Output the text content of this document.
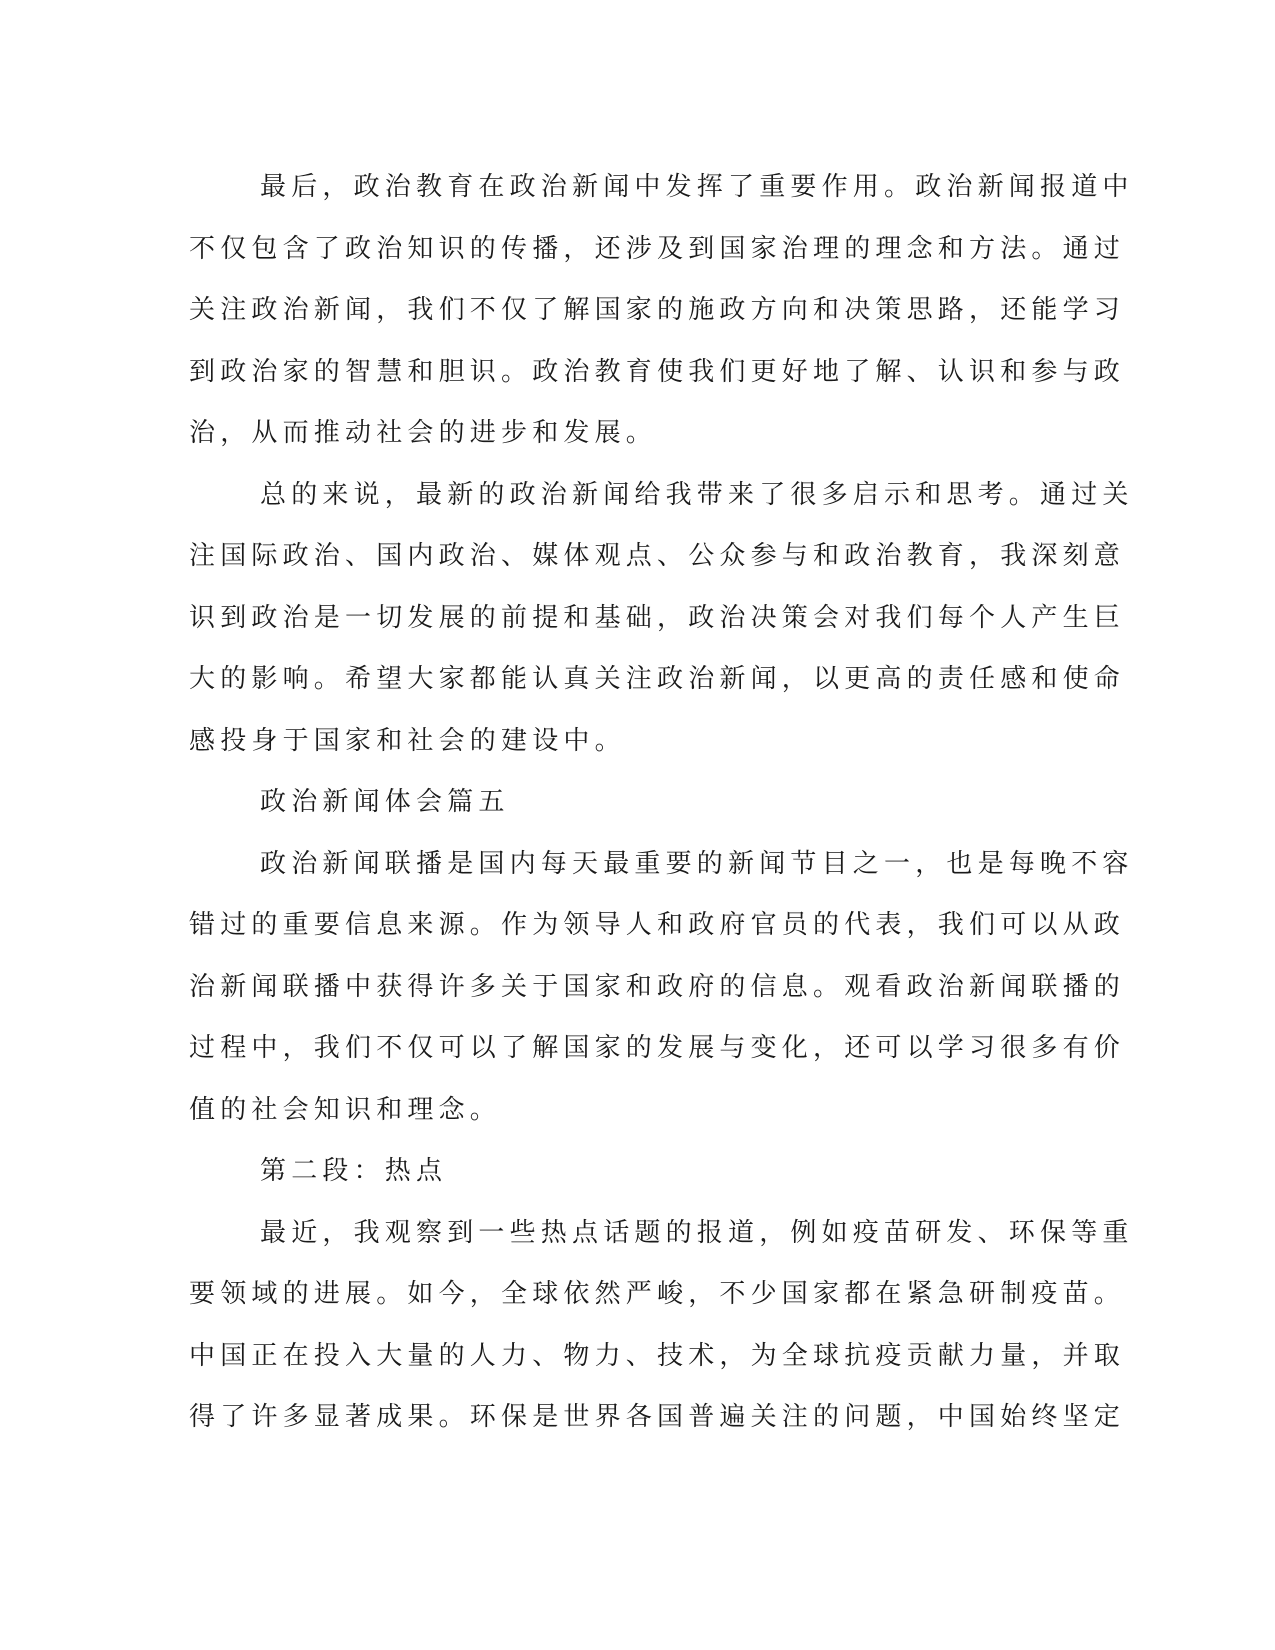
最后，政治教育在政治新闻中发挥了重要作用。政治新闻报道中
不仅包含了政治知识的传播，还涉及到国家治理的理念和方法。通过
关注政治新闻，我们不仅了解国家的施政方向和决策思路，还能学习
到政治家的智慧和胆识。政治教育使我们更好地了解、认识和参与政
治，从而推动社会的进步和发展。
总的来说，最新的政治新闻给我带来了很多启示和思考。通过关
注国际政治、国内政治、媒体观点、公众参与和政治教育，我深刻意
识到政治是一切发展的前提和基础，政治决策会对我们每个人产生巨
大的影响。希望大家都能认真关注政治新闻，以更高的责任感和使命
感投身于国家和社会的建设中。
政治新闻体会篇五
政治新闻联播是国内每天最重要的新闻节目之一，也是每晚不容
错过的重要信息来源。作为领导人和政府官员的代表，我们可以从政
治新闻联播中获得许多关于国家和政府的信息。观看政治新闻联播的
过程中，我们不仅可以了解国家的发展与变化，还可以学习很多有价
值的社会知识和理念。
第二段：热点
最近，我观察到一些热点话题的报道，例如疫苗研发、环保等重
要领域的进展。如今，全球依然严峻，不少国家都在紧急研制疫苗。
中国正在投入大量的人力、物力、技术，为全球抗疫贡献力量，并取
得了许多显著成果。环保是世界各国普遍关注的问题，中国始终坚定
